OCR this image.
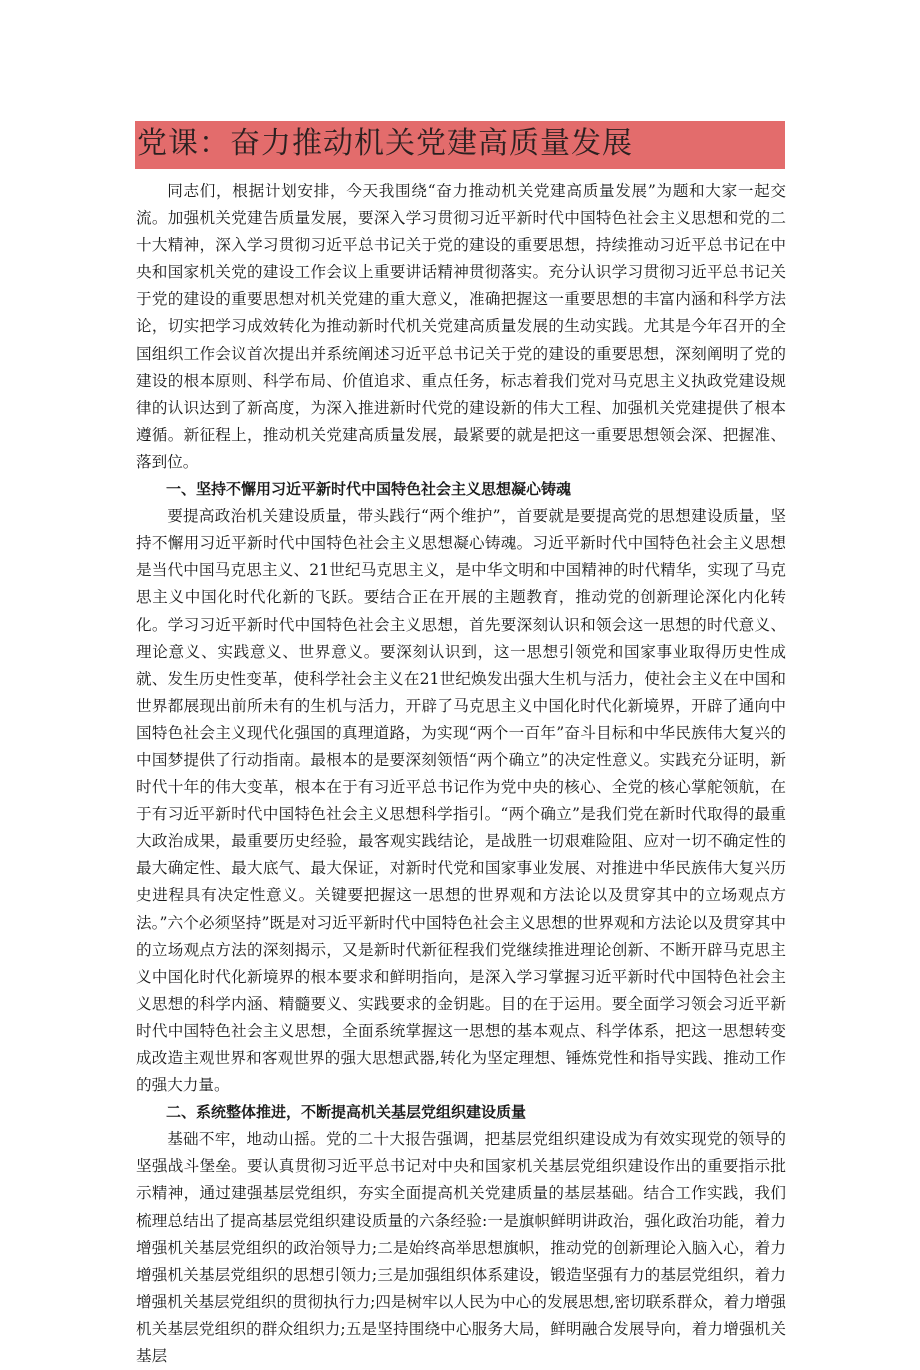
党课：奋力推动机关党建高质量发展

同志们，根据计划安排，今天我围绕“奋力推动机关党建高质量发展”为题和大家一起交流。加强机关党建告质量发展，要深入学习贯彻习近平新时代中国特色社会主义思想和党的二十大精神，深入学习贯彻习近平总书记关于党的建设的重要思想，持续推动习近平总书记在中央和国家机关党的建设工作会议上重要讲话精神贯彻落实。充分认识学习贯彻习近平总书记关于党的建设的重要思想对机关党建的重大意义，准确把握这一重要思想的丰富内涵和科学方法论，切实把学习成效转化为推动新时代机关党建高质量发展的生动实践。尤其是今年召开的全国组织工作会议首次提出并系统阐述习近平总书记关于党的建设的重要思想，深刻阐明了党的建设的根本原则、科学布局、价值追求、重点任务，标志着我们党对马克思主义执政党建设规律的认识达到了新高度，为深入推进新时代党的建设新的伟大工程、加强机关党建提供了根本遵循。新征程上，推动机关党建高质量发展，最紧要的就是把这一重要思想领会深、把握准、落到位。

一、坚持不懈用习近平新时代中国特色社会主义思想凝心铸魂

要提高政治机关建设质量，带头践行“两个维护”，首要就是要提高党的思想建设质量，坚持不懈用习近平新时代中国特色社会主义思想凝心铸魂。习近平新时代中国特色社会主义思想是当代中国马克思主义、21世纪马克思主义，是中华文明和中国精神的时代精华，实现了马克思主义中国化时代化新的飞跃。要结合正在开展的主题教育，推动党的创新理论深化内化转化。学习习近平新时代中国特色社会主义思想，首先要深刻认识和领会这一思想的时代意义、理论意义、实践意义、世界意义。要深刻认识到，这一思想引领党和国家事业取得历史性成就、发生历史性变革，使科学社会主义在21世纪焕发出强大生机与活力，使社会主义在中国和世界都展现出前所未有的生机与活力，开辟了马克思主义中国化时代化新境界，开辟了通向中国特色社会主义现代化强国的真理道路，为实现“两个一百年”奋斗目标和中华民族伟大复兴的中国梦提供了行动指南。最根本的是要深刻领悟“两个确立”的决定性意义。实践充分证明，新时代十年的伟大变革，根本在于有习近平总书记作为党中央的核心、全党的核心掌舵领航，在于有习近平新时代中国特色社会主义思想科学指引。“两个确立”是我们党在新时代取得的最重大政治成果，最重要历史经验，最客观实践结论，是战胜一切艰难险阻、应对一切不确定性的最大确定性、最大底气、最大保证，对新时代党和国家事业发展、对推进中华民族伟大复兴历史进程具有决定性意义。关键要把握这一思想的世界观和方法论以及贯穿其中的立场观点方法。”六个必须坚持”既是对习近平新时代中国特色社会主义思想的世界观和方法论以及贯穿其中的立场观点方法的深刻揭示，又是新时代新征程我们党继续推进理论创新、不断开辟马克思主义中国化时代化新境界的根本要求和鲜明指向，是深入学习掌握习近平新时代中国特色社会主义思想的科学内涵、精髓要义、实践要求的金钥匙。目的在于运用。要全面学习领会习近平新时代中国特色社会主义思想，全面系统掌握这一思想的基本观点、科学体系，把这一思想转变成改造主观世界和客观世界的强大思想武器,转化为坚定理想、锤炼党性和指导实践、推动工作的强大力量。

二、系统整体推进，不断提高机关基层党组织建设质量

基础不牢，地动山摇。党的二十大报告强调，把基层党组织建设成为有效实现党的领导的坚强战斗堡垒。要认真贯彻习近平总书记对中央和国家机关基层党组织建设作出的重要指示批示精神，通过建强基层党组织，夯实全面提高机关党建质量的基层基础。结合工作实践，我们梳理总结出了提高基层党组织建设质量的六条经验:一是旗帜鲜明讲政治，强化政治功能，着力增强机关基层党组织的政治领导力;二是始终高举思想旗帜，推动党的创新理论入脑入心，着力增强机关基层党组织的思想引领力;三是加强组织体系建设，锻造坚强有力的基层党组织，着力增强机关基层党组织的贯彻执行力;四是树牢以人民为中心的发展思想,密切联系群众，着力增强机关基层党组织的群众组织力;五是坚持围绕中心服务大局，鲜明融合发展导向，着力增强机关基层
